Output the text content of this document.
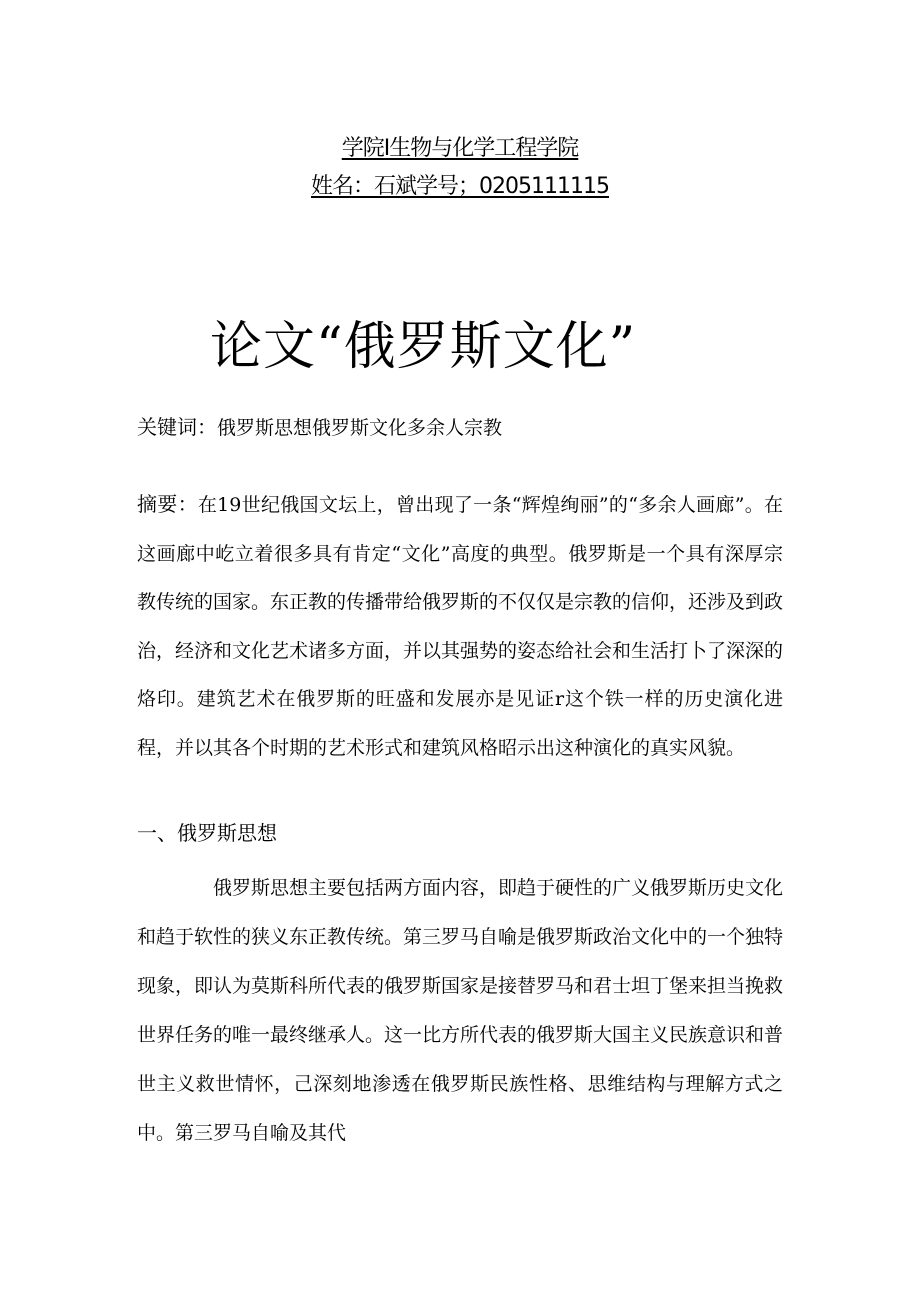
学院I生物与化学工程学院
姓名：石斌学号；0205111115
论文“俄罗斯文化”
关键词：俄罗斯思想俄罗斯文化多余人宗教

摘要：在19世纪俄国文坛上，曾出现了一条“辉煌绚丽”的“多余人画廊”。在这画廊中屹立着很多具有肯定“文化”高度的典型。俄罗斯是一个具有深厚宗教传统的国家。东正教的传播带给俄罗斯的不仅仅是宗教的信仰，还涉及到政治，经济和文化艺术诸多方面，并以其强势的姿态给社会和生活打卜了深深的烙印。建筑艺术在俄罗斯的旺盛和发展亦是见证r这个铁一样的历史演化进程，并以其各个时期的艺术形式和建筑风格昭示出这种演化的真实风貌。

一、俄罗斯思想

俄罗斯思想主要包括两方面内容，即趋于硬性的广义俄罗斯历史文化和趋于软性的狭义东正教传统。第三罗马自喻是俄罗斯政治文化中的一个独特现象，即认为莫斯科所代表的俄罗斯国家是接替罗马和君士坦丁堡来担当挽救世界任务的唯一最终继承人。这一比方所代表的俄罗斯大国主义民族意识和普世主义救世情怀，己深刻地渗透在俄罗斯民族性格、思维结构与理解方式之中。第三罗马自喻及其代
